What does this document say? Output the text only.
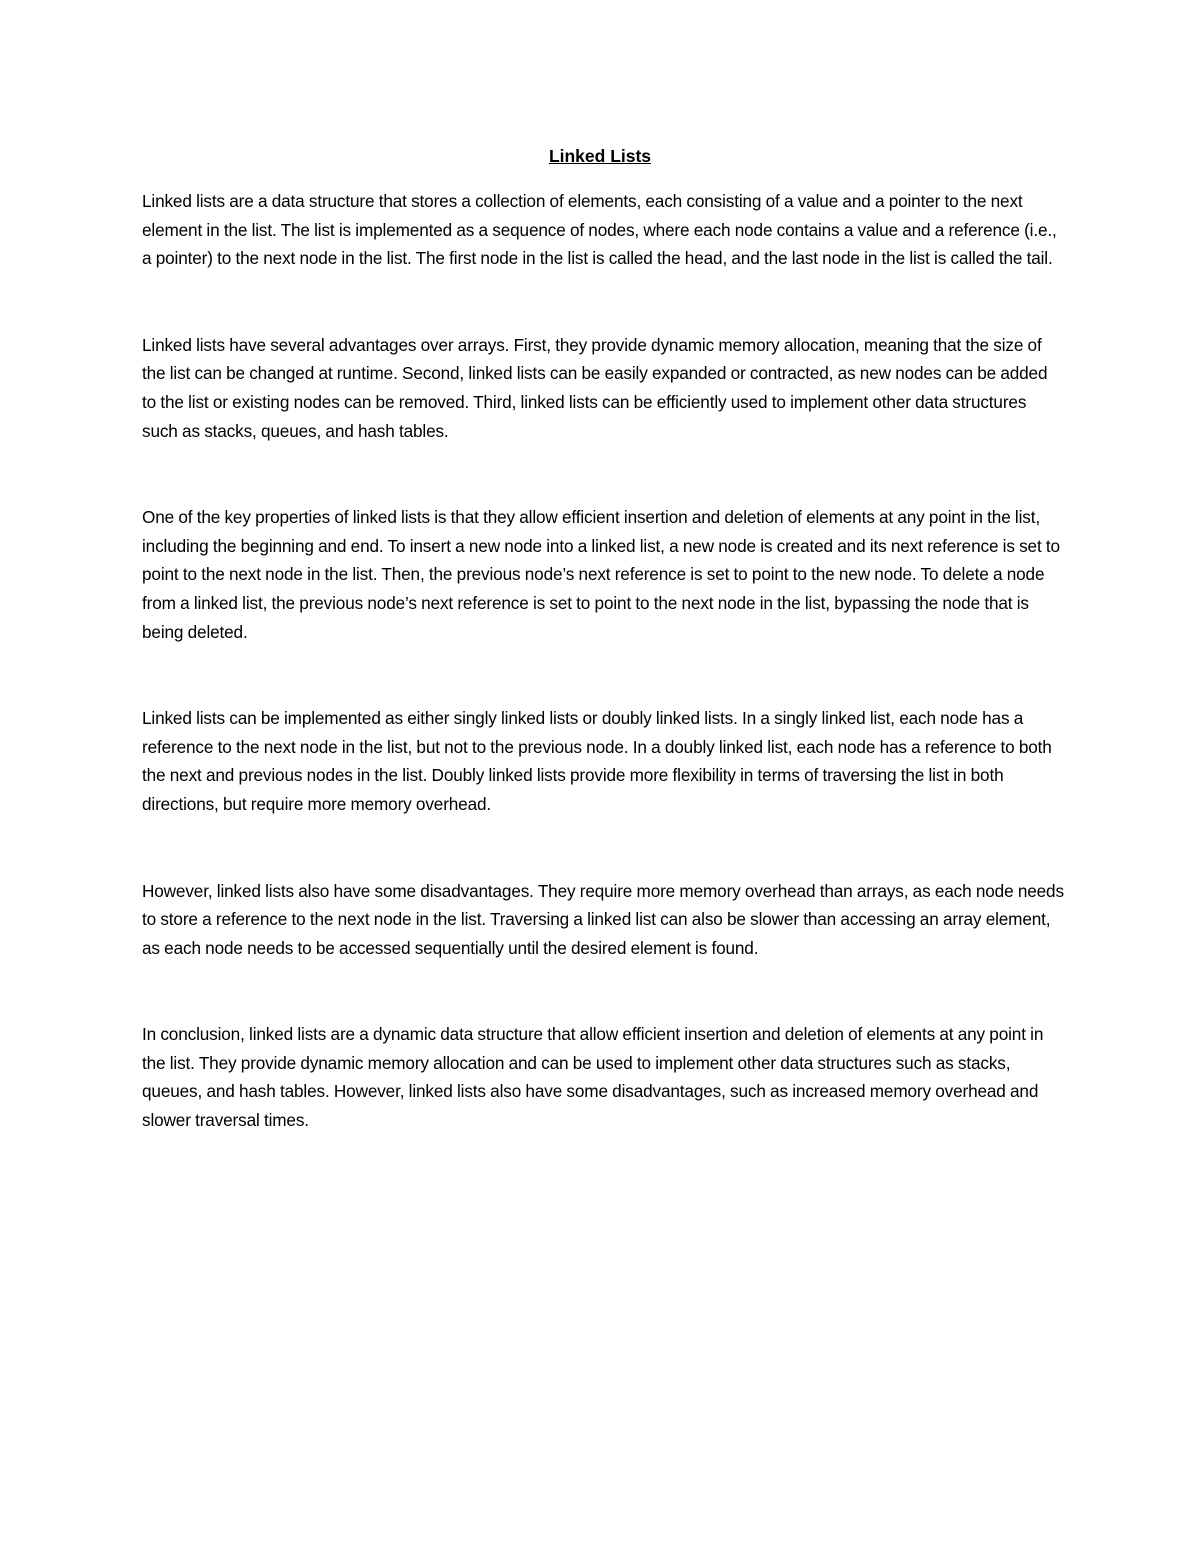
Linked Lists

Linked lists are a data structure that stores a collection of elements, each consisting of a value and a pointer to the next element in the list. The list is implemented as a sequence of nodes, where each node contains a value and a reference (i.e., a pointer) to the next node in the list. The first node in the list is called the head, and the last node in the list is called the tail.

Linked lists have several advantages over arrays. First, they provide dynamic memory allocation, meaning that the size of the list can be changed at runtime. Second, linked lists can be easily expanded or contracted, as new nodes can be added to the list or existing nodes can be removed. Third, linked lists can be efficiently used to implement other data structures such as stacks, queues, and hash tables.

One of the key properties of linked lists is that they allow efficient insertion and deletion of elements at any point in the list, including the beginning and end. To insert a new node into a linked list, a new node is created and its next reference is set to point to the next node in the list. Then, the previous node’s next reference is set to point to the new node. To delete a node from a linked list, the previous node’s next reference is set to point to the next node in the list, bypassing the node that is being deleted.

Linked lists can be implemented as either singly linked lists or doubly linked lists. In a singly linked list, each node has a reference to the next node in the list, but not to the previous node. In a doubly linked list, each node has a reference to both the next and previous nodes in the list. Doubly linked lists provide more flexibility in terms of traversing the list in both directions, but require more memory overhead.

However, linked lists also have some disadvantages. They require more memory overhead than arrays, as each node needs to store a reference to the next node in the list. Traversing a linked list can also be slower than accessing an array element, as each node needs to be accessed sequentially until the desired element is found.

In conclusion, linked lists are a dynamic data structure that allow efficient insertion and deletion of elements at any point in the list. They provide dynamic memory allocation and can be used to implement other data structures such as stacks, queues, and hash tables. However, linked lists also have some disadvantages, such as increased memory overhead and slower traversal times.
